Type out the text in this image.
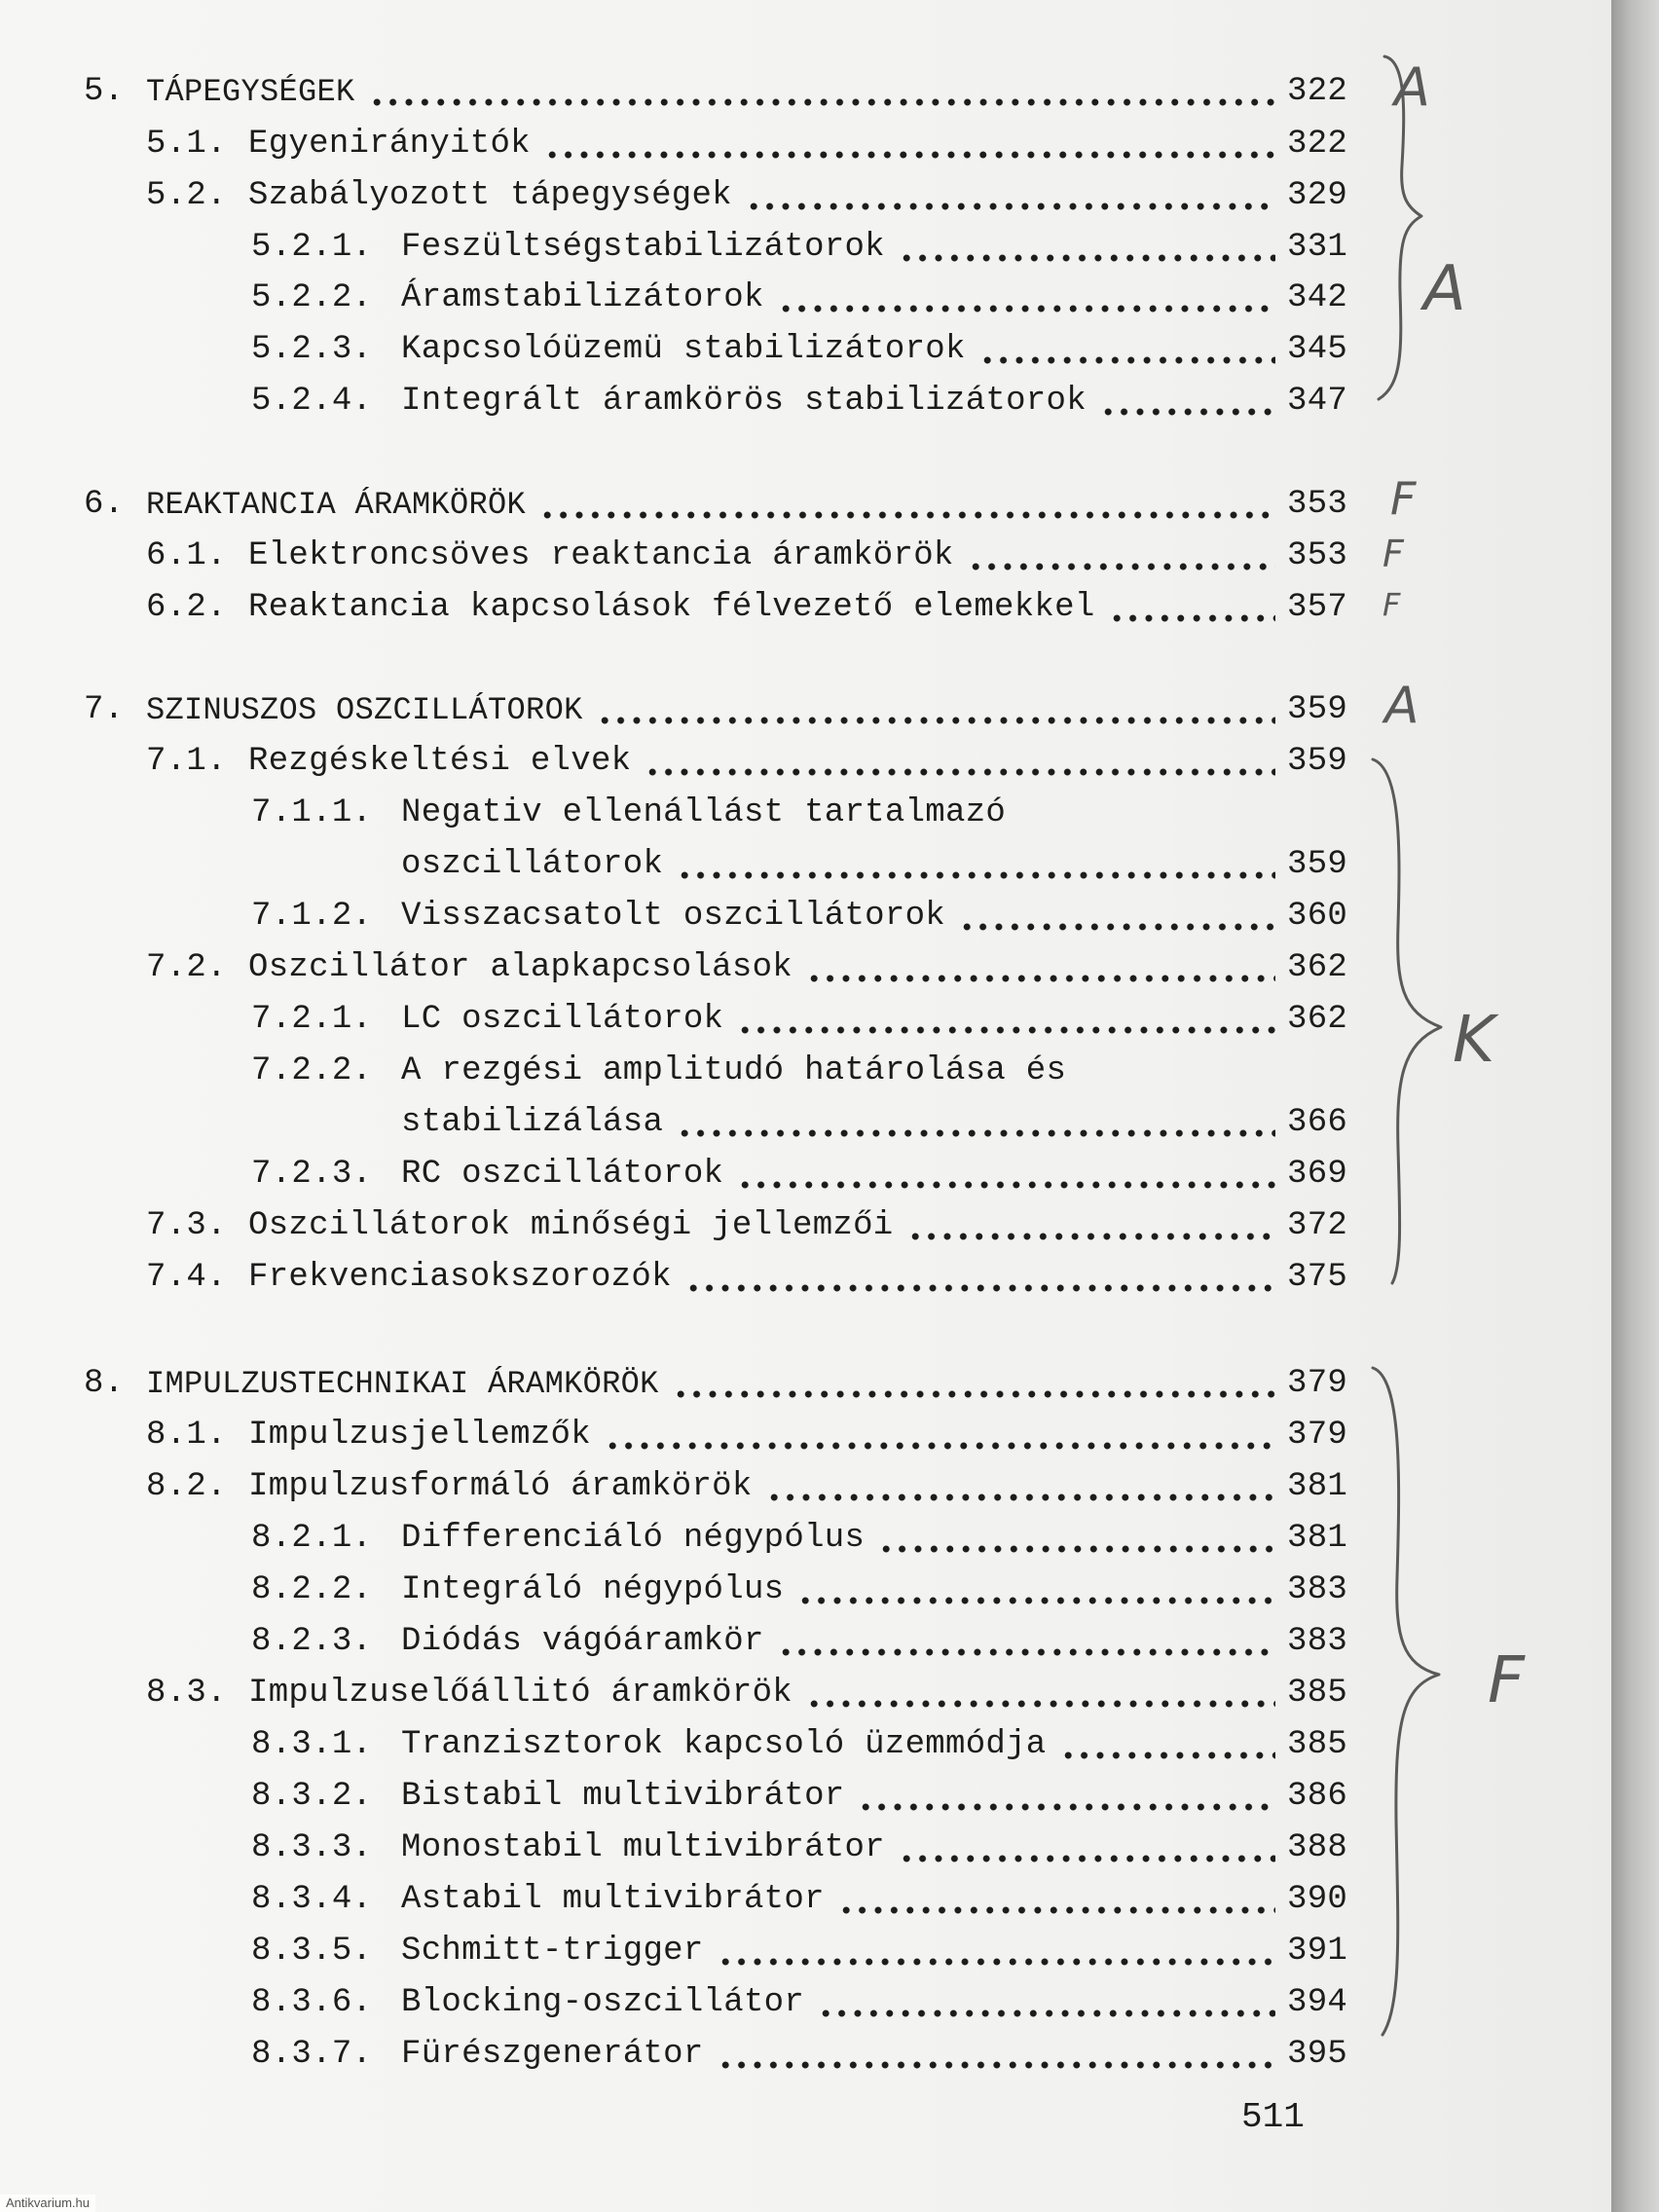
5. TÁPEGYSÉGEK	322
5.1. Egyenirányitók	322
5.2. Szabályozott tápegységek	329
5.2.1. Feszültségstabilizátorok	331
5.2.2. Áramstabilizátorok	342
5.2.3. Kapcsolóüzemü stabilizátorok	345
5.2.4. Integrált áramkörös stabilizátorok	347
6. REAKTANCIA ÁRAMKÖRÖK	353
6.1. Elektroncsöves reaktancia áramkörök	353
6.2. Reaktancia kapcsolások félvezető elemekkel	357
7. SZINUSZOS OSZCILLÁTOROK	359
7.1. Rezgéskeltési elvek	359
7.1.1. Negativ ellenállást tartalmazó
oszcillátorok	359
7.1.2. Visszacsatolt oszcillátorok	360
7.2. Oszcillátor alapkapcsolások	362
7.2.1. LC oszcillátorok	362
7.2.2. A rezgési amplitudó határolása és
stabilizálása	366
7.2.3. RC oszcillátorok	369
7.3. Oszcillátorok minőségi jellemzői	372
7.4. Frekvenciasokszorozók	375
8. IMPULZUSTECHNIKAI ÁRAMKÖRÖK	379
8.1. Impulzusjellemzők	379
8.2. Impulzusformáló áramkörök	381
8.2.1. Differenciáló négypólus	381
8.2.2. Integráló négypólus	383
8.2.3. Diódás vágóáramkör	383
8.3. Impulzuselőállitó áramkörök	385
8.3.1. Tranzisztorok kapcsoló üzemmódja	385
8.3.2. Bistabil multivibrátor	386
8.3.3. Monostabil multivibrátor	388
8.3.4. Astabil multivibrátor	390
8.3.5. Schmitt-trigger	391
8.3.6. Blocking-oszcillátor	394
8.3.7. Fürészgenerátor	395
A
A
F
F
F
A
K
F
511
Antikvarium.hu
